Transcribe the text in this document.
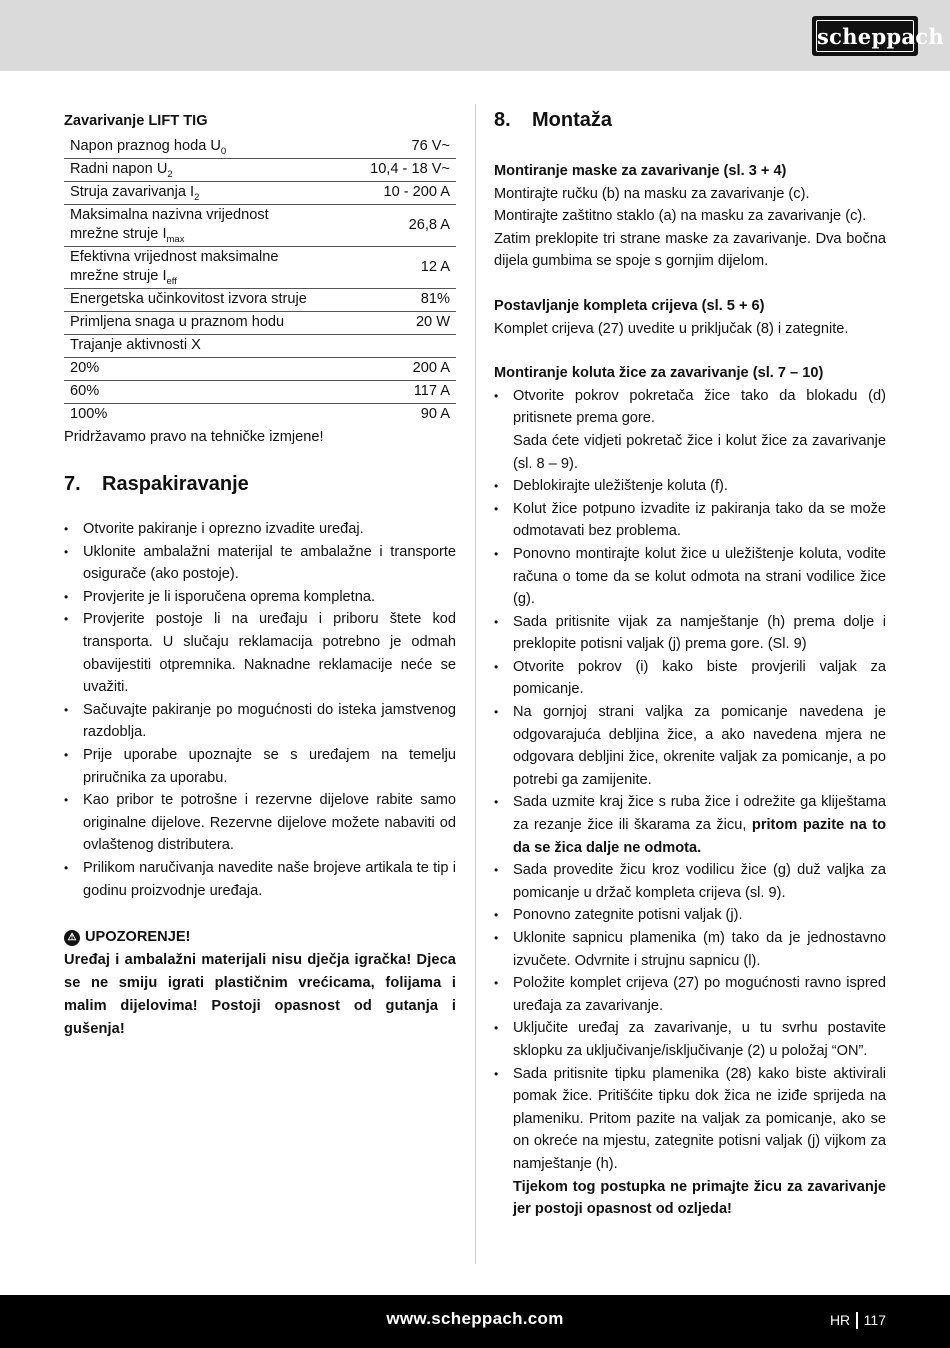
scheppach
Zavarivanje LIFT TIG
Napon praznog hoda $U_0$	76 V~
Radni napon $U_2$	10,4 - 18 V~
Struja zavarivanja $I_2$	10 - 200 A
Maksimalna nazivna vrijednost mrežne struje $I_{max}$	26,8 A
Efektivna vrijednost maksimalne mrežne struje $I_{eff}$	12 A
Energetska učinkovitost izvora struje	81%
Primljena snaga u praznom hodu	20 W
Trajanje aktivnosti X	
20%	200 A
60%	117 A
100%	90 A
Pridržavamo pravo na tehničke izmjene!
7.	Raspakiravanje
• Otvorite pakiranje i oprezno izvadite uređaj.
• Uklonite ambalažni materijal te ambalažne i transporte osigurače (ako postoje).
• Provjerite je li isporučena oprema kompletna.
• Provjerite postoje li na uređaju i priboru štete kod transporta. U slučaju reklamacija potrebno je odmah obavijestiti otpremnika. Naknadne reklamacije neće se uvažiti.
• Sačuvajte pakiranje po mogućnosti do isteka jamstvenog razdoblja.
• Prije uporabe upoznajte se s uređajem na temelju priručnika za uporabu.
• Kao pribor te potrošne i rezervne dijelove rabite samo originalne dijelove. Rezervne dijelove možete nabaviti od ovlaštenog distributera.
• Prilikom naručivanja navedite naše brojeve artikala te tip i godinu proizvodnje uređaja.
⚠ UPOZORENJE!
Uređaj i ambalažni materijali nisu dječja igračka! Djeca se ne smiju igrati plastičnim vrećicama, folijama i malim dijelovima! Postoji opasnost od gutanja i gušenja!
8.	Montaža
Montiranje maske za zavarivanje (sl. 3 + 4)
Montirajte ručku (b) na masku za zavarivanje (c).
Montirajte zaštitno staklo (a) na masku za zavarivanje (c).
Zatim preklopite tri strane maske za zavarivanje. Dva bočna dijela gumbima se spoje s gornjim dijelom.
Postavljanje kompleta crijeva (sl. 5 + 6)
Komplet crijeva (27) uvedite u priključak (8) i zategnite.
Montiranje koluta žice za zavarivanje (sl. 7 – 10)
• Otvorite pokrov pokretača žice tako da blokadu (d) pritisnete prema gore.
Sada ćete vidjeti pokretač žice i kolut žice za zavarivanje (sl. 8 – 9).
• Deblokirajte uležištenje koluta (f).
• Kolut žice potpuno izvadite iz pakiranja tako da se može odmotavati bez problema.
• Ponovno montirajte kolut žice u uležištenje koluta, vodite računa o tome da se kolut odmota na strani vodilice žice (g).
• Sada pritisnite vijak za namještanje (h) prema dolje i preklopite potisni valjak (j) prema gore. (Sl. 9)
• Otvorite pokrov (i) kako biste provjerili valjak za pomicanje.
• Na gornjoj strani valjka za pomicanje navedena je odgovarajuća debljina žice, a ako navedena mjera ne odgovara debljini žice, okrenite valjak za pomicanje, a po potrebi ga zamijenite.
• Sada uzmite kraj žice s ruba žice i odrežite ga kliještama za rezanje žice ili škarama za žicu, pritom pazite na to da se žica dalje ne odmota.
• Sada provedite žicu kroz vodilicu žice (g) duž valjka za pomicanje u držač kompleta crijeva (sl. 9).
• Ponovno zategnite potisni valjak (j).
• Uklonite sapnicu plamenika (m) tako da je jednostavno izvučete. Odvrnite i strujnu sapnicu (l).
• Položite komplet crijeva (27) po mogućnosti ravno ispred uređaja za zavarivanje.
• Uključite uređaj za zavarivanje, u tu svrhu postavite sklopku za uključivanje/isključivanje (2) u položaj “ON”.
• Sada pritisnite tipku plamenika (28) kako biste aktivirali pomak žice. Pritišćite tipku dok žica ne iziđe sprijeda na plameniku. Pritom pazite na valjak za pomicanje, ako se on okreće na mjestu, zategnite potisni valjak (j) vijkom za namještanje (h).
Tijekom tog postupka ne primajte žicu za zavarivanje jer postoji opasnost od ozljeda!
www.scheppach.com	HR 117
